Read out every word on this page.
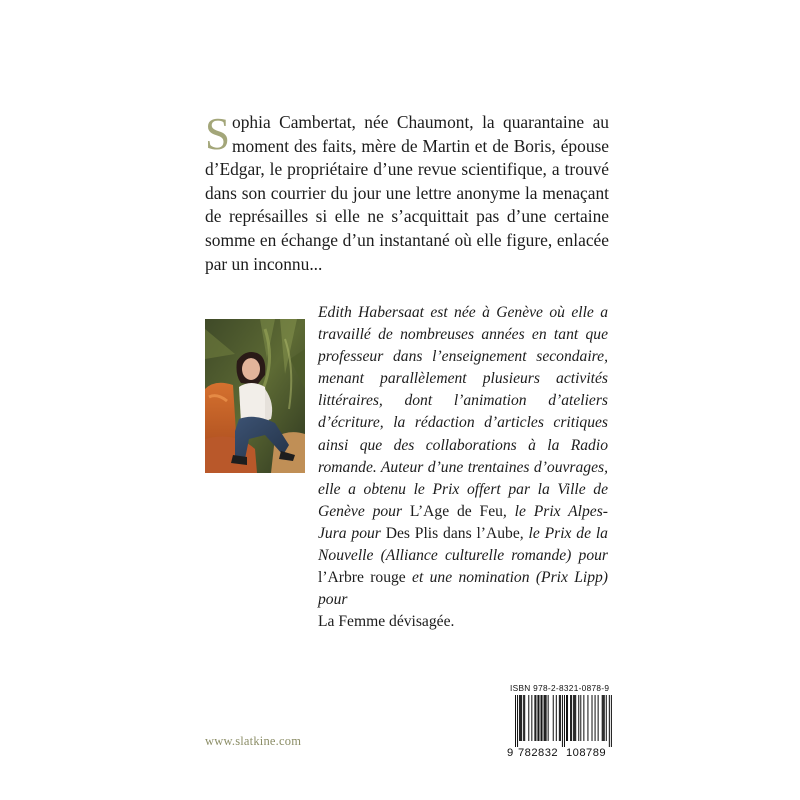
Sophia Cambertat, née Chaumont, la quarantaine au moment des faits, mère de Martin et de Boris, épouse d’Edgar, le propriétaire d’une revue scientifique, a trouvé dans son courrier du jour une lettre anonyme la menaçant de représailles si elle ne s’acquittait pas d’une certaine somme en échange d’un instantané où elle figure, enlacée par un inconnu...

Edith Habersaat est née à Genève où elle a travaillé de nombreuses années en tant que professeur dans l’enseignement secondaire, menant parallèlement plusieurs activités littéraires, dont l’animation d’ateliers d’écriture, la rédaction d’articles critiques ainsi que des collaborations à la Radio romande. Auteur d’une trentaines d’ouvrages, elle a obtenu le Prix offert par la Ville de Genève pour L’Age de Feu, le Prix Alpes-Jura pour Des Plis dans l’Aube, le Prix de la Nouvelle (Alliance culturelle romande) pour l’Arbre rouge et une nomination (Prix Lipp) pour

La Femme dévisagée.

www.slatkine.com
ISBN 978-2-8321-0878-9
9 782832 108789
